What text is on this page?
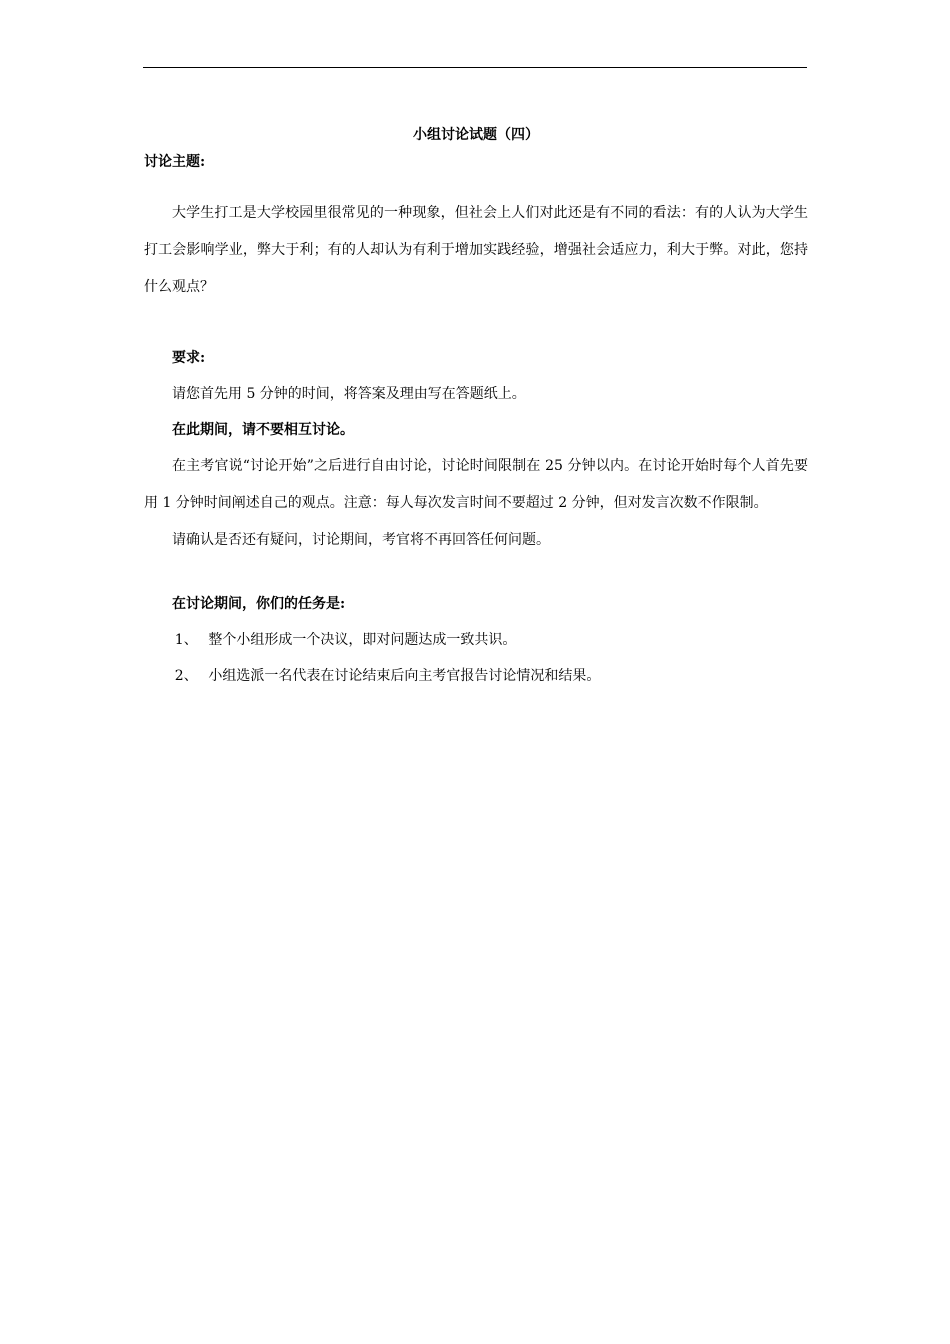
小组讨论试题（四）

讨论主题:

大学生打工是大学校园里很常见的一种现象，但社会上人们对此还是有不同的看法：有的人认为大学生打工会影响学业，弊大于利；有的人却认为有利于增加实践经验，增强社会适应力，利大于弊。对此，您持什么观点？

要求:

请您首先用 5 分钟的时间，将答案及理由写在答题纸上。

在此期间，请不要相互讨论。

在主考官说“讨论开始”之后进行自由讨论，讨论时间限制在 25 分钟以内。在讨论开始时每个人首先要用 1 分钟时间阐述自己的观点。注意：每人每次发言时间不要超过 2 分钟，但对发言次数不作限制。

请确认是否还有疑问，讨论期间，考官将不再回答任何问题。

在讨论期间，你们的任务是:

1、 整个小组形成一个决议，即对问题达成一致共识。

2、 小组选派一名代表在讨论结束后向主考官报告讨论情况和结果。
